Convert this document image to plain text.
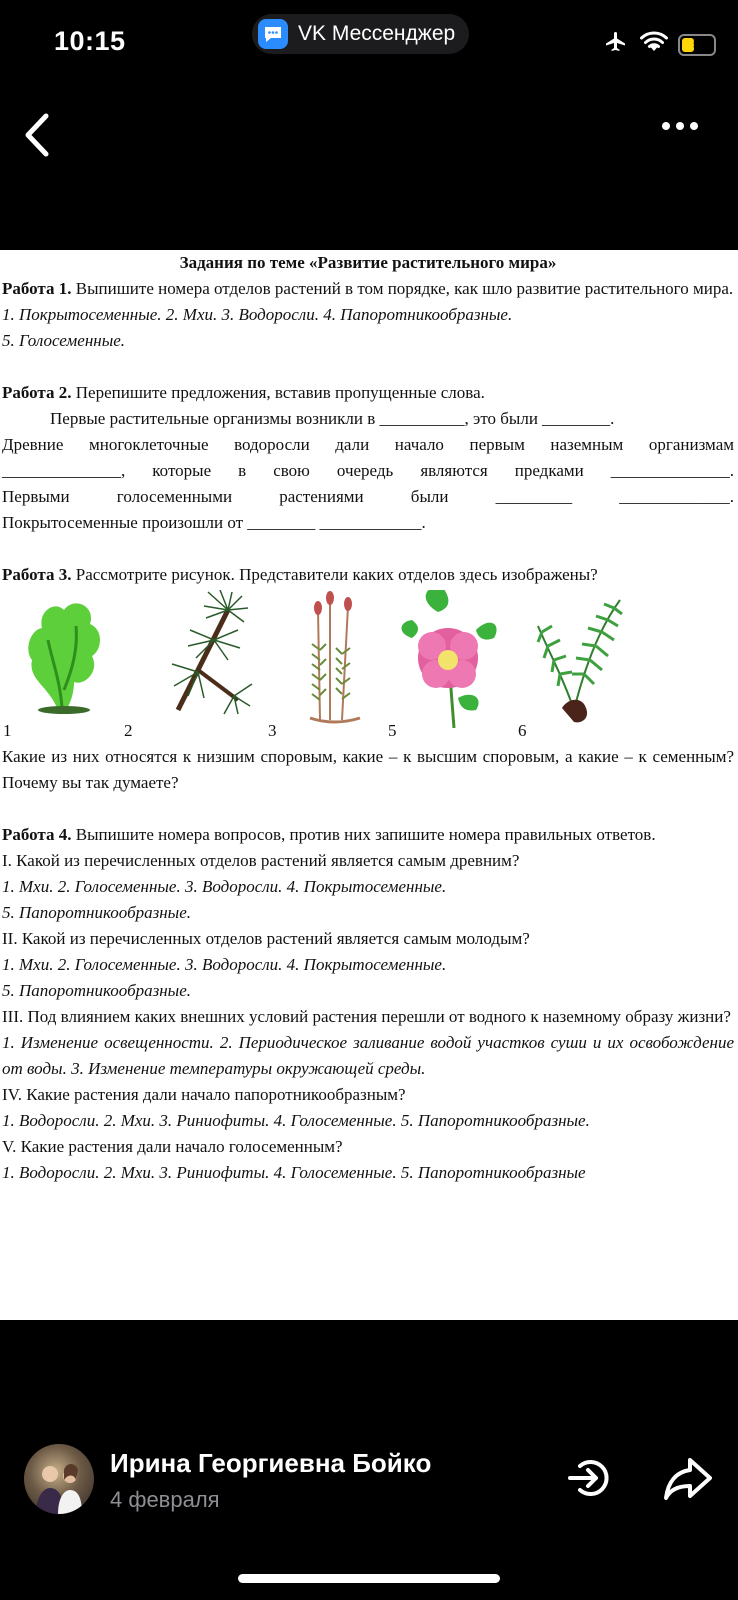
10:15	VK Мессенджер	5

Задания по теме «Развитие растительного мира»

Работа 1. Выпишите номера отделов растений в том порядке, как шло развитие растительного мира.

1. Покрытосеменные. 2. Мхи. 3. Водоросли. 4. Папоротникообразные.

5. Голосеменные.

Работа 2. Перепишите предложения, вставив пропущенные слова.

Первые растительные организмы возникли в __________, это были ________.

Древние многоклеточные водоросли дали начало первым наземным организмам

______________, которые в свою очередь являются предками ______________.

Первыми голосеменными растениями были _________ _____________.

Покрытосеменные произошли от ________ ____________.

Работа 3. Рассмотрите рисунок. Представители каких отделов здесь изображены?

1	2	3	5	6

Какие из них относятся к низшим споровым, какие – к высшим споровым, а какие – к семенным? Почему вы так думаете?

Работа 4. Выпишите номера вопросов, против них запишите номера правильных ответов.

I. Какой из перечисленных отделов растений является самым древним?

1. Мхи. 2. Голосеменные. 3. Водоросли. 4. Покрытосеменные.

5. Папоротникообразные.

II. Какой из перечисленных отделов растений является самым молодым?

1. Мхи. 2. Голосеменные. 3. Водоросли. 4. Покрытосеменные.

5. Папоротникообразные.

III. Под влиянием каких внешних условий растения перешли от водного к наземному образу жизни?

1. Изменение освещенности. 2. Периодическое заливание водой участков суши и их освобождение от воды. 3. Изменение температуры окружающей среды.

IV. Какие растения дали начало папоротникообразным?

1. Водоросли. 2. Мхи. 3. Риниофиты. 4. Голосеменные. 5. Папоротникообразные.

V. Какие растения дали начало голосеменным?

1. Водоросли. 2. Мхи. 3. Риниофиты. 4. Голосеменные. 5. Папоротникообразные

Ирина Георгиевна Бойко
4 февраля
